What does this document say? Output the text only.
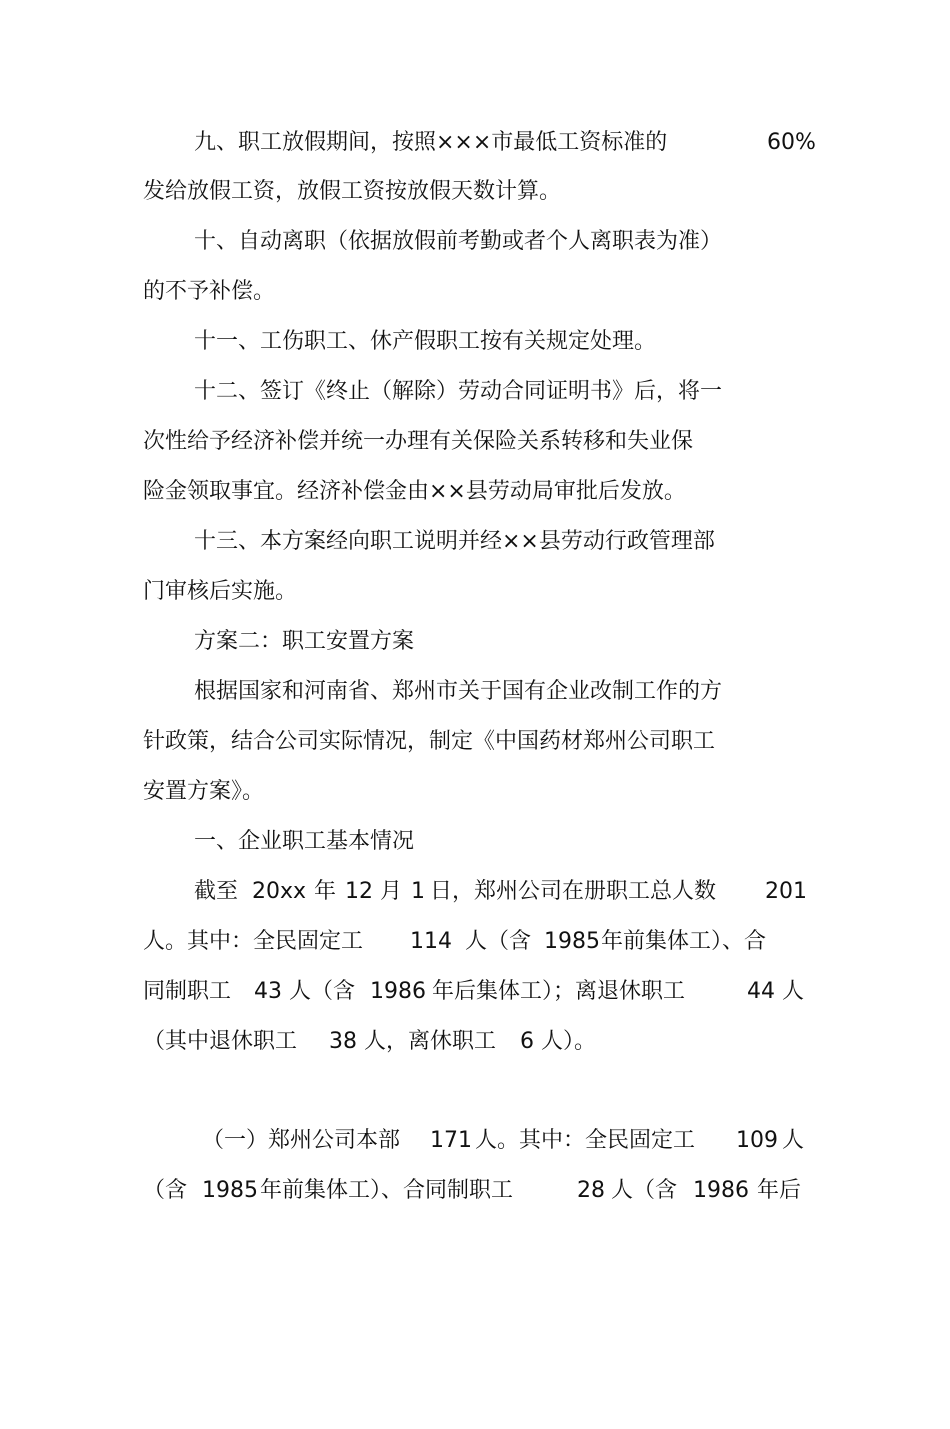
九、职工放假期间，按照×××市最低工资标准的

	60%

发给放假工资，放假工资按放假天数计算。

十、自动离职（依据放假前考勤或者个人离职表为准）

的不予补偿。

十一、工伤职工、休产假职工按有关规定处理。

十二、签订《终止（解除）劳动合同证明书》后，将一

次性给予经济补偿并统一办理有关保险关系转移和失业保

险金领取事宜。经济补偿金由××县劳动局审批后发放。

十三、本方案经向职工说明并经××县劳动行政管理部

门审核后实施。

方案二：职工安置方案

根据国家和河南省、郑州市关于国有企业改制工作的方

针政策，结合公司实际情况，制定《中国药材郑州公司职工

安置方案》。

一、企业职工基本情况

截至

20xx

年

12

月

1

日，郑州公司在册职工总人数

201

人。其中：全民固定工

114

人（含

1985

年前集体工）、合

同制职工

43

人（含

1986

年后集体工）；离退休职工

	44

人

（其中退休职工

38

人，离休职工

6

人）。

（一）郑州公司本部

171

人。其中：全民固定工

109

人

（含

1985

年前集体工）、合同制职工

	28

人（含

1986

年后
